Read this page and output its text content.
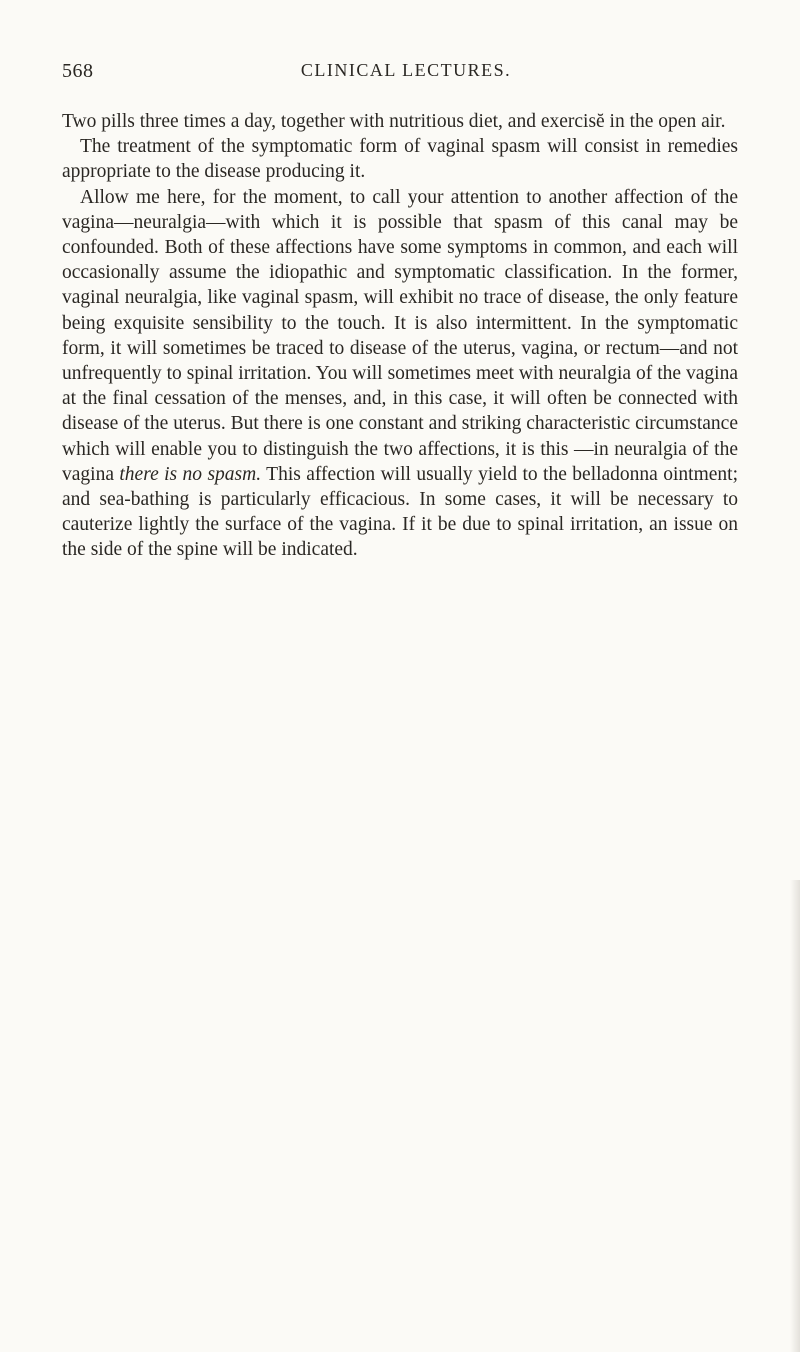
568	CLINICAL LECTURES.

Two pills three times a day, together with nutritious diet, and exercisĕ in the open air.

The treatment of the symptomatic form of vaginal spasm will consist in remedies appropriate to the disease producing it.

Allow me here, for the moment, to call your attention to another affection of the vagina—neuralgia—with which it is possible that spasm of this canal may be confounded. Both of these affections have some symptoms in common, and each will occasionally assume the idiopathic and symptomatic classification. In the former, vaginal neuralgia, like vaginal spasm, will exhibit no trace of disease, the only feature being exquisite sensibility to the touch. It is also intermittent. In the symptomatic form, it will sometimes be traced to disease of the uterus, vagina, or rectum—and not unfrequently to spinal irritation. You will sometimes meet with neuralgia of the vagina at the final cessation of the menses, and, in this case, it will often be connected with disease of the uterus. But there is one constant and striking characteristic circumstance which will enable you to distinguish the two affections, it is this —in neuralgia of the vagina there is no spasm. This affection will usually yield to the belladonna ointment; and sea-bathing is particularly efficacious. In some cases, it will be necessary to cauterize lightly the surface of the vagina. If it be due to spinal irritation, an issue on the side of the spine will be indicated.
